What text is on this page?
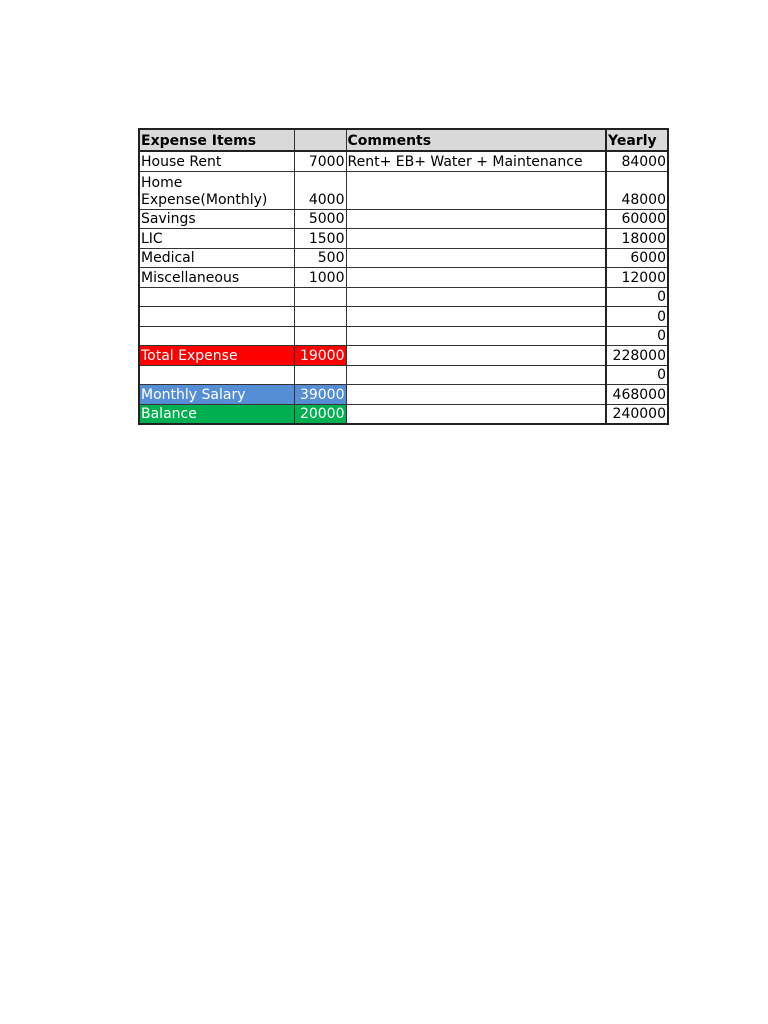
Expense Items		Comments	Yearly
House Rent	7000	Rent+ EB+ Water + Maintenance	84000
Home Expense(Monthly)	4000		48000
Savings	5000		60000
LIC	1500		18000
Medical	500		6000
Miscellaneous	1000		12000
			0
			0
			0
Total Expense	19000		228000
			0
Monthly Salary	39000		468000
Balance	20000		240000
